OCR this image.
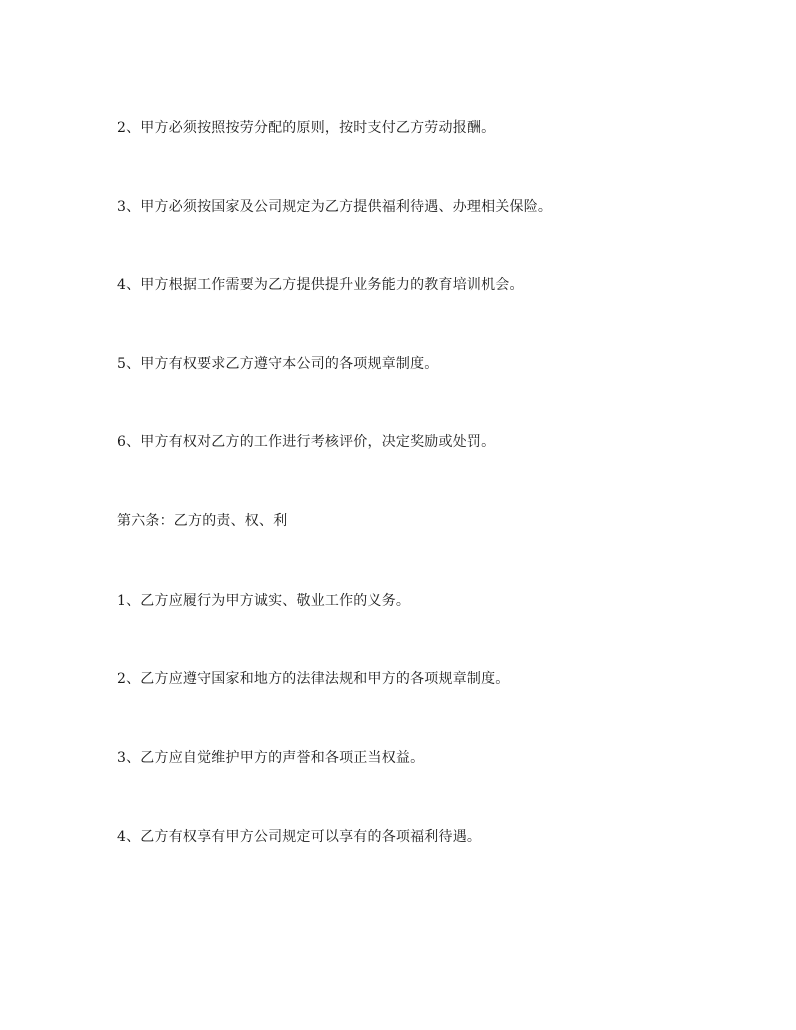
2、甲方必须按照按劳分配的原则，按时支付乙方劳动报酬。

3、甲方必须按国家及公司规定为乙方提供福利待遇、办理相关保险。

4、甲方根据工作需要为乙方提供提升业务能力的教育培训机会。

5、甲方有权要求乙方遵守本公司的各项规章制度。

6、甲方有权对乙方的工作进行考核评价，决定奖励或处罚。

第六条：乙方的责、权、利

1、乙方应履行为甲方诚实、敬业工作的义务。

2、乙方应遵守国家和地方的法律法规和甲方的各项规章制度。

3、乙方应自觉维护甲方的声誉和各项正当权益。

4、乙方有权享有甲方公司规定可以享有的各项福利待遇。
